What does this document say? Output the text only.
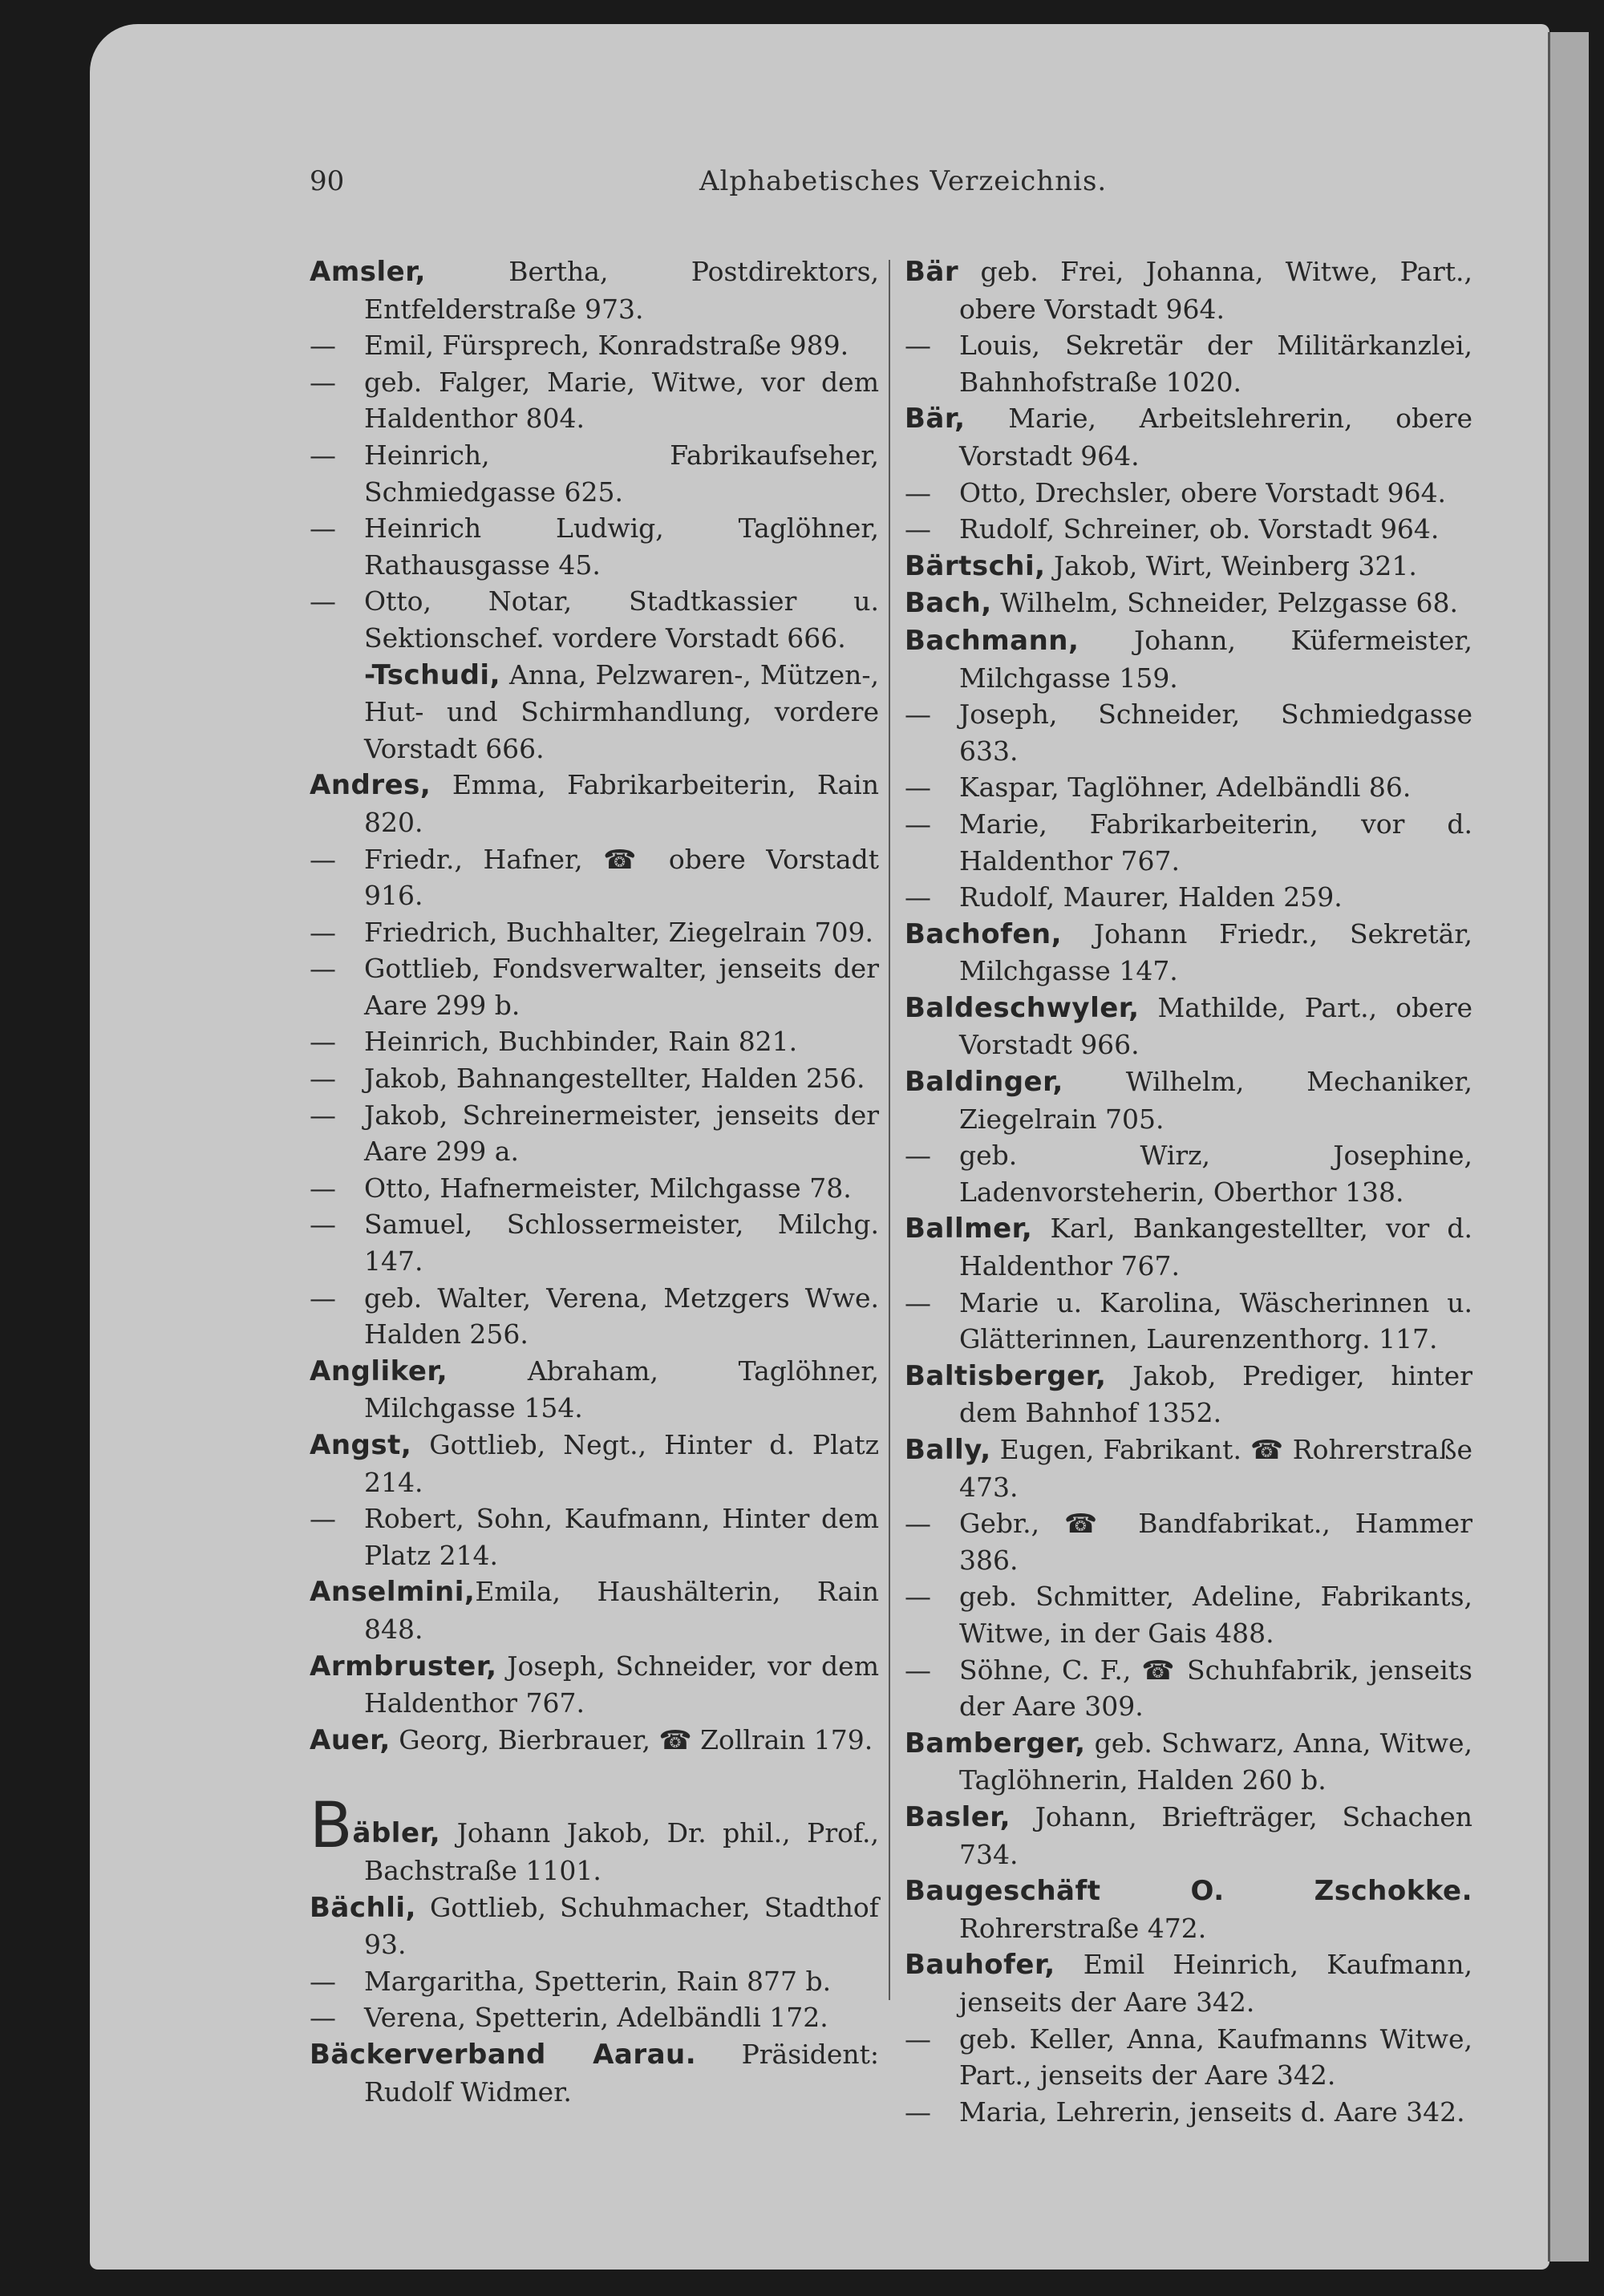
90	Alphabetisches Verzeichnis.

Amsler, Bertha, Postdirektors, Entfelderstraße 973.

— Emil, Fürsprech, Konradstraße 989.

— geb. Falger, Marie, Witwe, vor dem Haldenthor 804.

— Heinrich, Fabrikaufseher, Schmiedgasse 625.

— Heinrich Ludwig, Taglöhner, Rathausgasse 45.

— Otto, Notar, Stadtkassier u. Sektionschef. vordere Vorstadt 666.

-Tschudi, Anna, Pelzwaren-, Mützen-, Hut- und Schirmhandlung, vordere Vorstadt 666.

Andres, Emma, Fabrikarbeiterin, Rain 820.

— Friedr., Hafner, ☎ obere Vorstadt 916.

— Friedrich, Buchhalter, Ziegelrain 709.

— Gottlieb, Fondsverwalter, jenseits der Aare 299 b.

— Heinrich, Buchbinder, Rain 821.

— Jakob, Bahnangestellter, Halden 256.

— Jakob, Schreinermeister, jenseits der Aare 299 a.

— Otto, Hafnermeister, Milchgasse 78.

— Samuel, Schlossermeister, Milchg. 147.

— geb. Walter, Verena, Metzgers Wwe. Halden 256.

Angliker, Abraham, Taglöhner, Milchgasse 154.

Angst, Gottlieb, Negt., Hinter d. Platz 214.

— Robert, Sohn, Kaufmann, Hinter dem Platz 214.

Anselmini,Emila, Haushälterin, Rain 848.

Armbruster, Joseph, Schneider, vor dem Haldenthor 767.

Auer, Georg, Bierbrauer, ☎ Zollrain 179.

Bäbler, Johann Jakob, Dr. phil., Prof., Bachstraße 1101.

Bächli, Gottlieb, Schuhmacher, Stadthof 93.

— Margaritha, Spetterin, Rain 877 b.

— Verena, Spetterin, Adelbändli 172.

Bäckerverband Aarau. Präsident: Rudolf Widmer.

Bär geb. Frei, Johanna, Witwe, Part., obere Vorstadt 964.

— Louis, Sekretär der Militärkanzlei, Bahnhofstraße 1020.

Bär, Marie, Arbeitslehrerin, obere Vorstadt 964.

— Otto, Drechsler, obere Vorstadt 964.

— Rudolf, Schreiner, ob. Vorstadt 964.

Bärtschi, Jakob, Wirt, Weinberg 321.

Bach, Wilhelm, Schneider, Pelzgasse 68.

Bachmann, Johann, Küfermeister, Milchgasse 159.

— Joseph, Schneider, Schmiedgasse 633.

— Kaspar, Taglöhner, Adelbändli 86.

— Marie, Fabrikarbeiterin, vor d. Haldenthor 767.

— Rudolf, Maurer, Halden 259.

Bachofen, Johann Friedr., Sekretär, Milchgasse 147.

Baldeschwyler, Mathilde, Part., obere Vorstadt 966.

Baldinger, Wilhelm, Mechaniker, Ziegelrain 705.

— geb. Wirz, Josephine, Ladenvorsteherin, Oberthor 138.

Ballmer, Karl, Bankangestellter, vor d. Haldenthor 767.

— Marie u. Karolina, Wäscherinnen u. Glätterinnen, Laurenzenthorg. 117.

Baltisberger, Jakob, Prediger, hinter dem Bahnhof 1352.

Bally, Eugen, Fabrikant. ☎ Rohrerstraße 473.

— Gebr., ☎ Bandfabrikat., Hammer 386.

— geb. Schmitter, Adeline, Fabrikants, Witwe, in der Gais 488.

— Söhne, C. F., ☎ Schuhfabrik, jenseits der Aare 309.

Bamberger, geb. Schwarz, Anna, Witwe, Taglöhnerin, Halden 260 b.

Basler, Johann, Briefträger, Schachen 734.

Baugeschäft O. Zschokke. Rohrerstraße 472.

Bauhofer, Emil Heinrich, Kaufmann, jenseits der Aare 342.

— geb. Keller, Anna, Kaufmanns Witwe, Part., jenseits der Aare 342.

— Maria, Lehrerin, jenseits d. Aare 342.
